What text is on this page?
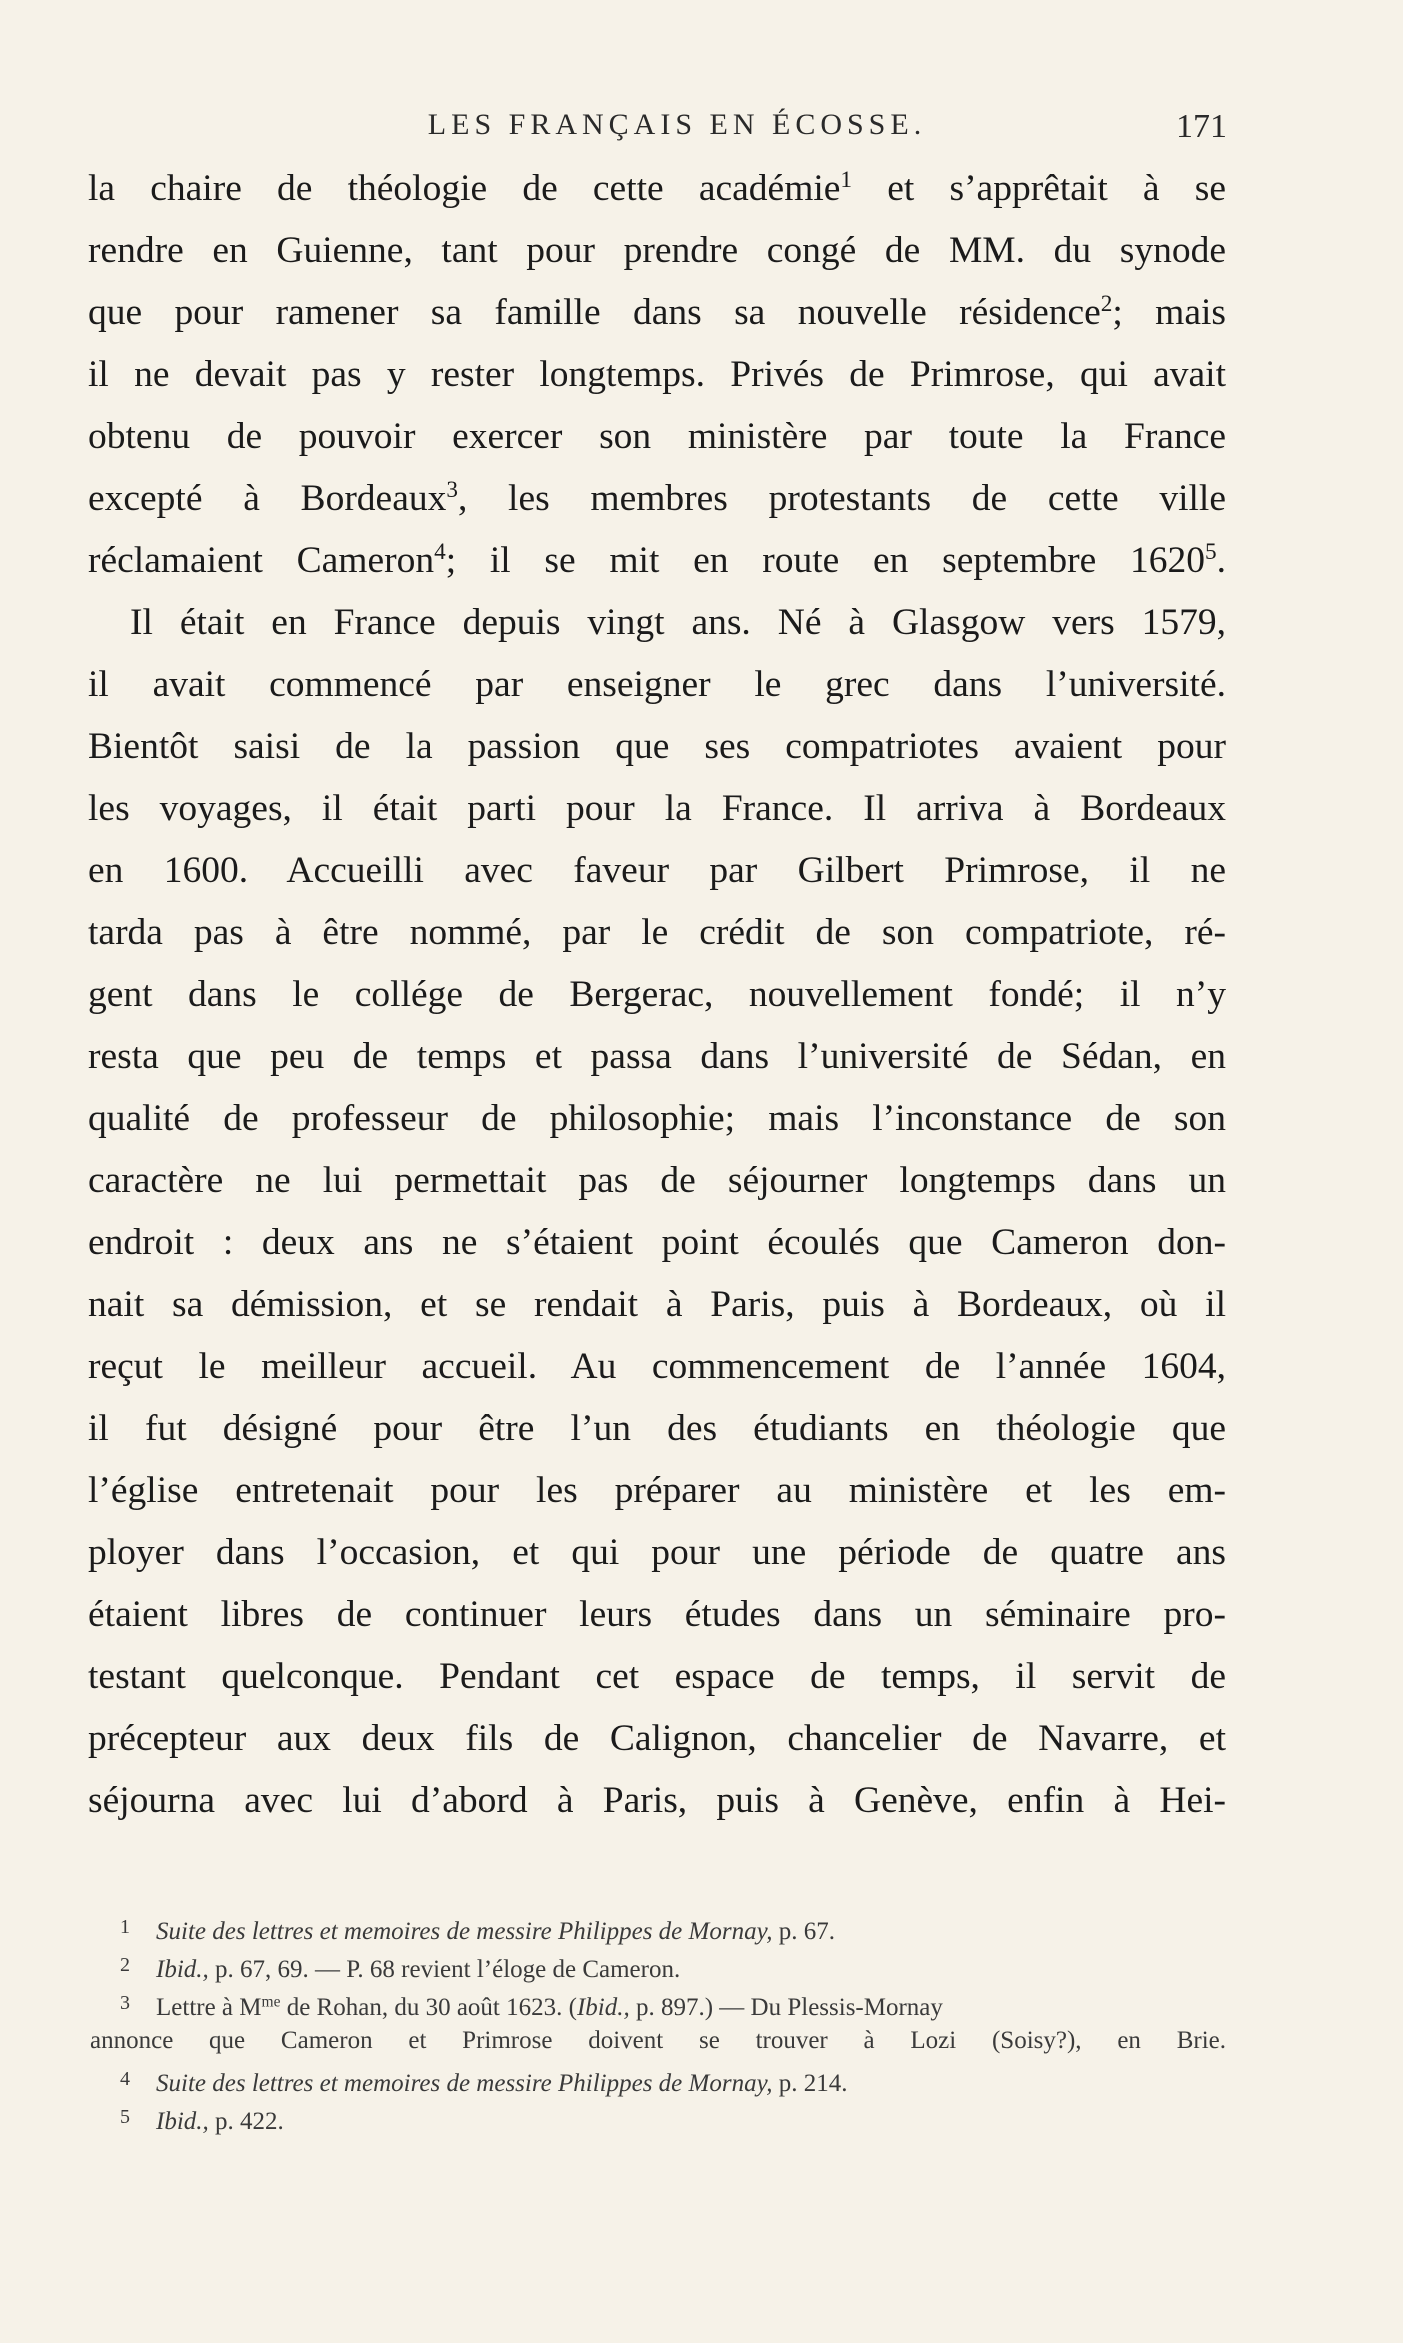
LES FRANÇAIS EN ÉCOSSE.	171
la chaire de théologie de cette académie$^1$ et s’apprêtait à se
rendre en Guienne, tant pour prendre congé de MM. du synode
que pour ramener sa famille dans sa nouvelle résidence$^2$; mais
il ne devait pas y rester longtemps. Privés de Primrose, qui avait
obtenu de pouvoir exercer son ministère par toute la France
excepté à Bordeaux$^3$, les membres protestants de cette ville
réclamaient Cameron$^4$; il se mit en route en septembre 1620$^5$.
Il était en France depuis vingt ans. Né à Glasgow vers 1579,
il avait commencé par enseigner le grec dans l’université.
Bientôt saisi de la passion que ses compatriotes avaient pour
les voyages, il était parti pour la France. Il arriva à Bordeaux
en 1600. Accueilli avec faveur par Gilbert Primrose, il ne
tarda pas à être nommé, par le crédit de son compatriote, ré-
gent dans le collége de Bergerac, nouvellement fondé; il n’y
resta que peu de temps et passa dans l’université de Sédan, en
qualité de professeur de philosophie; mais l’inconstance de son
caractère ne lui permettait pas de séjourner longtemps dans un
endroit : deux ans ne s’étaient point écoulés que Cameron don-
nait sa démission, et se rendait à Paris, puis à Bordeaux, où il
reçut le meilleur accueil. Au commencement de l’année 1604,
il fut désigné pour être l’un des étudiants en théologie que
l’église entretenait pour les préparer au ministère et les em-
ployer dans l’occasion, et qui pour une période de quatre ans
étaient libres de continuer leurs études dans un séminaire pro-
testant quelconque. Pendant cet espace de temps, il servit de
précepteur aux deux fils de Calignon, chancelier de Navarre, et
séjourna avec lui d’abord à Paris, puis à Genève, enfin à Hei-
1 Suite des lettres et memoires de messire Philippes de Mornay, p. 67.
2 Ibid., p. 67, 69. — P. 68 revient l’éloge de Cameron.
3 Lettre à $M^{me}$ de Rohan, du 30 août 1623. (Ibid., p. 897.) — Du Plessis-Mornay
annonce que Cameron et Primrose doivent se trouver à Lozi (Soisy?), en Brie.
4 Suite des lettres et memoires de messire Philippes de Mornay, p. 214.
5 Ibid., p. 422.
